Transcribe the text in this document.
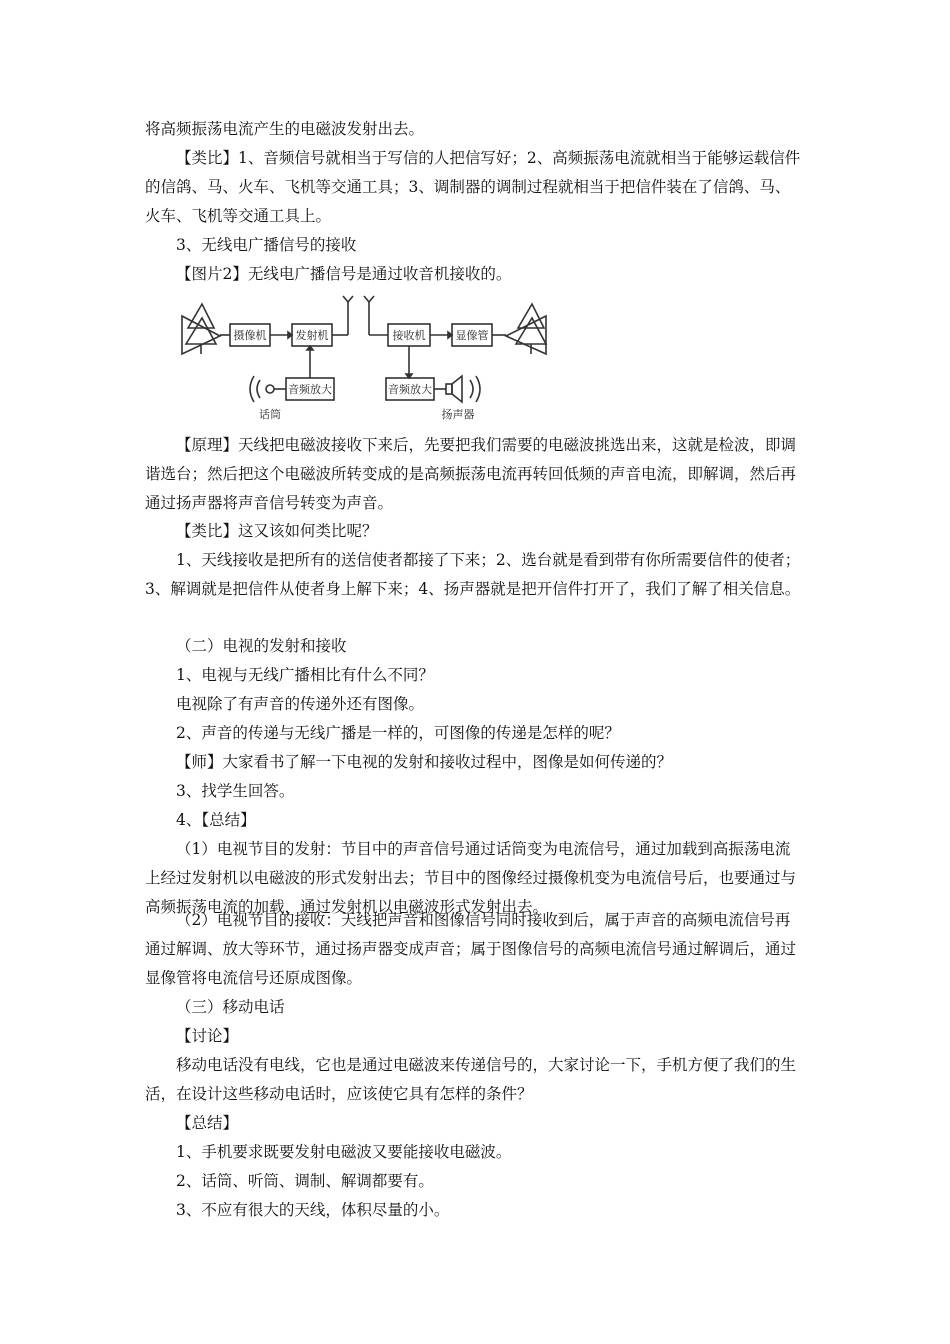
将高频振荡电流产生的电磁波发射出去。

【类比】1、音频信号就相当于写信的人把信写好；2、高频振荡电流就相当于能够运载信件的信鸽、马、火车、飞机等交通工具；3、调制器的调制过程就相当于把信件装在了信鸽、马、火车、飞机等交通工具上。

3、无线电广播信号的接收

【图片2】无线电广播信号是通过收音机接收的。

摄像机	发射机
音频放大
话筒
接收机	显像管
音频放大
扬声器

【原理】天线把电磁波接收下来后，先要把我们需要的电磁波挑选出来，这就是检波，即调谐选台；然后把这个电磁波所转变成的是高频振荡电流再转回低频的声音电流，即解调，然后再通过扬声器将声音信号转变为声音。

【类比】这又该如何类比呢？

1、天线接收是把所有的送信使者都接了下来；2、选台就是看到带有你所需要信件的使者；3、解调就是把信件从使者身上解下来；4、扬声器就是把开信件打开了，我们了解了相关信息。

（二）电视的发射和接收

1、电视与无线广播相比有什么不同？

电视除了有声音的传递外还有图像。

2、声音的传递与无线广播是一样的，可图像的传递是怎样的呢？

【师】大家看书了解一下电视的发射和接收过程中，图像是如何传递的？

3、找学生回答。

4、【总结】

（1）电视节目的发射：节目中的声音信号通过话筒变为电流信号，通过加载到高振荡电流上经过发射机以电磁波的形式发射出去；节目中的图像经过摄像机变为电流信号后，也要通过与高频振荡电流的加载，通过发射机以电磁波形式发射出去。

（2）电视节目的接收：天线把声音和图像信号同时接收到后，属于声音的高频电流信号再通过解调、放大等环节，通过扬声器变成声音；属于图像信号的高频电流信号通过解调后，通过显像管将电流信号还原成图像。

（三）移动电话

【讨论】

移动电话没有电线，它也是通过电磁波来传递信号的，大家讨论一下，手机方便了我们的生活，在设计这些移动电话时，应该使它具有怎样的条件？

【总结】

1、手机要求既要发射电磁波又要能接收电磁波。

2、话筒、听筒、调制、解调都要有。

3、不应有很大的天线，体积尽量的小。
